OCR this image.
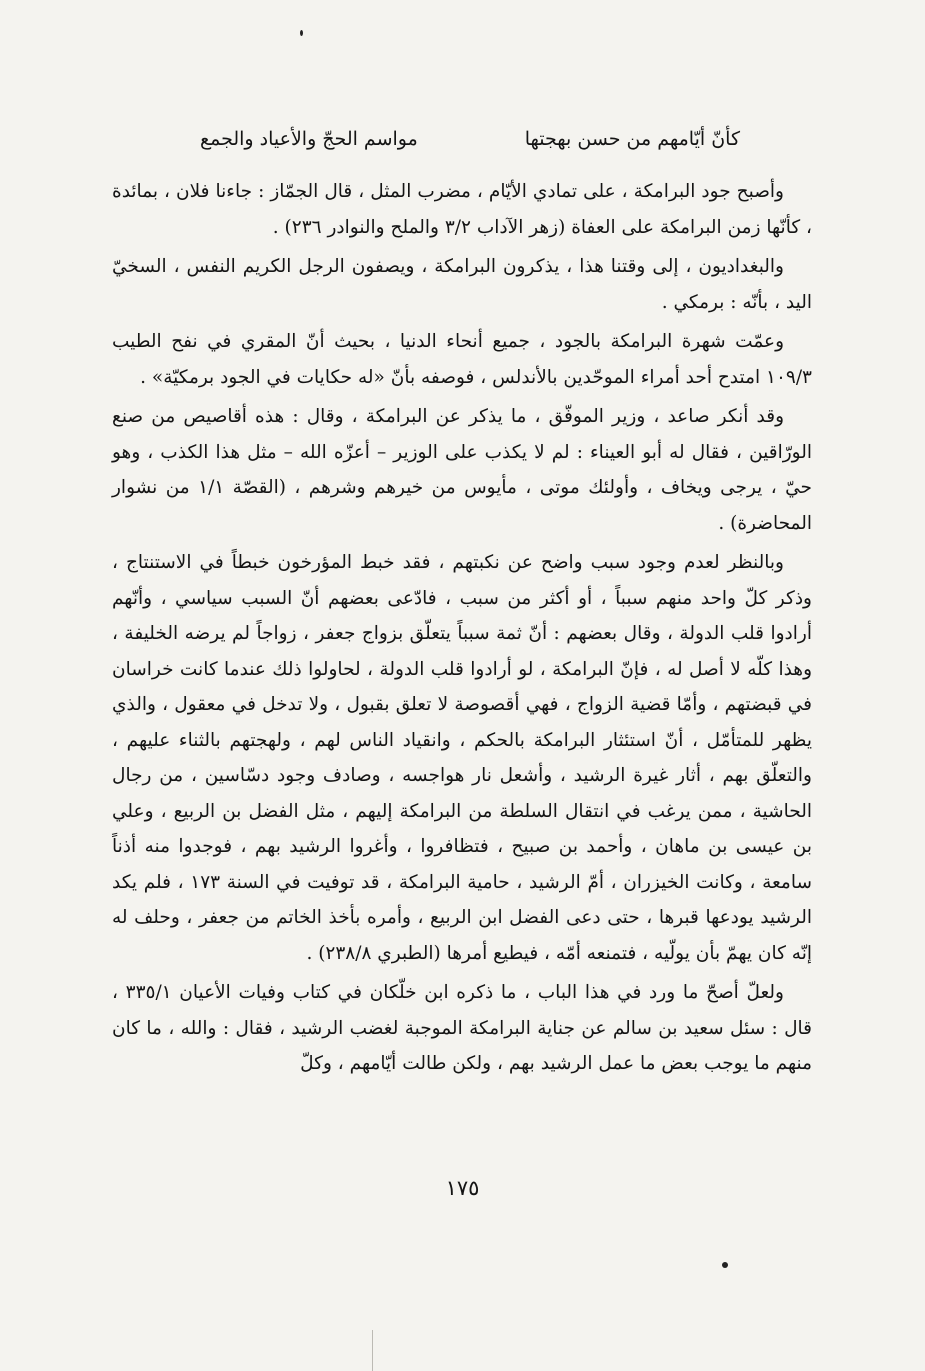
كأنّ أيّامهم من حسن بهجتها
مواسم الحجّ والأعياد والجمع

وأصبح جود البرامكة ، على تمادي الأيّام ، مضرب المثل ، قال الجمّاز : جاءنا فلان ، بمائدة ، كأنّها زمن البرامكة على العفاة (زهر الآداب ٣/٢ والملح والنوادر ٢٣٦) .

والبغداديون ، إلى وقتنا هذا ، يذكرون البرامكة ، ويصفون الرجل الكريم النفس ، السخيّ اليد ، بأنّه : برمكي .

وعمّت شهرة البرامكة بالجود ، جميع أنحاء الدنيا ، بحيث أنّ المقري في نفح الطيب ١٠٩/٣ امتدح أحد أمراء الموحّدين بالأندلس ، فوصفه بأنّ «له حكايات في الجود برمكيّة» .

وقد أنكر صاعد ، وزير الموفّق ، ما يذكر عن البرامكة ، وقال : هذه أقاصيص من صنع الورّاقين ، فقال له أبو العيناء : لم لا يكذب على الوزير – أعزّه الله – مثل هذا الكذب ، وهو حيّ ، يرجى ويخاف ، وأولئك موتى ، مأيوس من خيرهم وشرهم ، (القصّة ١/١ من نشوار المحاضرة) .

وبالنظر لعدم وجود سبب واضح عن نكبتهم ، فقد خبط المؤرخون خبطاً في الاستنتاج ، وذكر كلّ واحد منهم سبباً ، أو أكثر من سبب ، فادّعى بعضهم أنّ السبب سياسي ، وأنّهم أرادوا قلب الدولة ، وقال بعضهم : أنّ ثمة سبباً يتعلّق بزواج جعفر ، زواجاً لم يرضه الخليفة ، وهذا كلّه لا أصل له ، فإنّ البرامكة ، لو أرادوا قلب الدولة ، لحاولوا ذلك عندما كانت خراسان في قبضتهم ، وأمّا قضية الزواج ، فهي أقصوصة لا تعلق بقبول ، ولا تدخل في معقول ، والذي يظهر للمتأمّل ، أنّ استئثار البرامكة بالحكم ، وانقياد الناس لهم ، ولهجتهم بالثناء عليهم ، والتعلّق بهم ، أثار غيرة الرشيد ، وأشعل نار هواجسه ، وصادف وجود دسّاسين ، من رجال الحاشية ، ممن يرغب في انتقال السلطة من البرامكة إليهم ، مثل الفضل بن الربيع ، وعلي بن عيسى بن ماهان ، وأحمد بن صبيح ، فتظافروا ، وأغروا الرشيد بهم ، فوجدوا منه أذناً سامعة ، وكانت الخيزران ، أمّ الرشيد ، حامية البرامكة ، قد توفيت في السنة ١٧٣ ، فلم يكد الرشيد يودعها قبرها ، حتى دعى الفضل ابن الربيع ، وأمره بأخذ الخاتم من جعفر ، وحلف له إنّه كان يهمّ بأن يولّيه ، فتمنعه أمّه ، فيطيع أمرها (الطبري ٢٣٨/٨) .

ولعلّ أصحّ ما ورد في هذا الباب ، ما ذكره ابن خلّكان في كتاب وفيات الأعيان ٣٣٥/١ ، قال : سئل سعيد بن سالم عن جناية البرامكة الموجبة لغضب الرشيد ، فقال : والله ، ما كان منهم ما يوجب بعض ما عمل الرشيد بهم ، ولكن طالت أيّامهم ، وكلّ

١٧٥
